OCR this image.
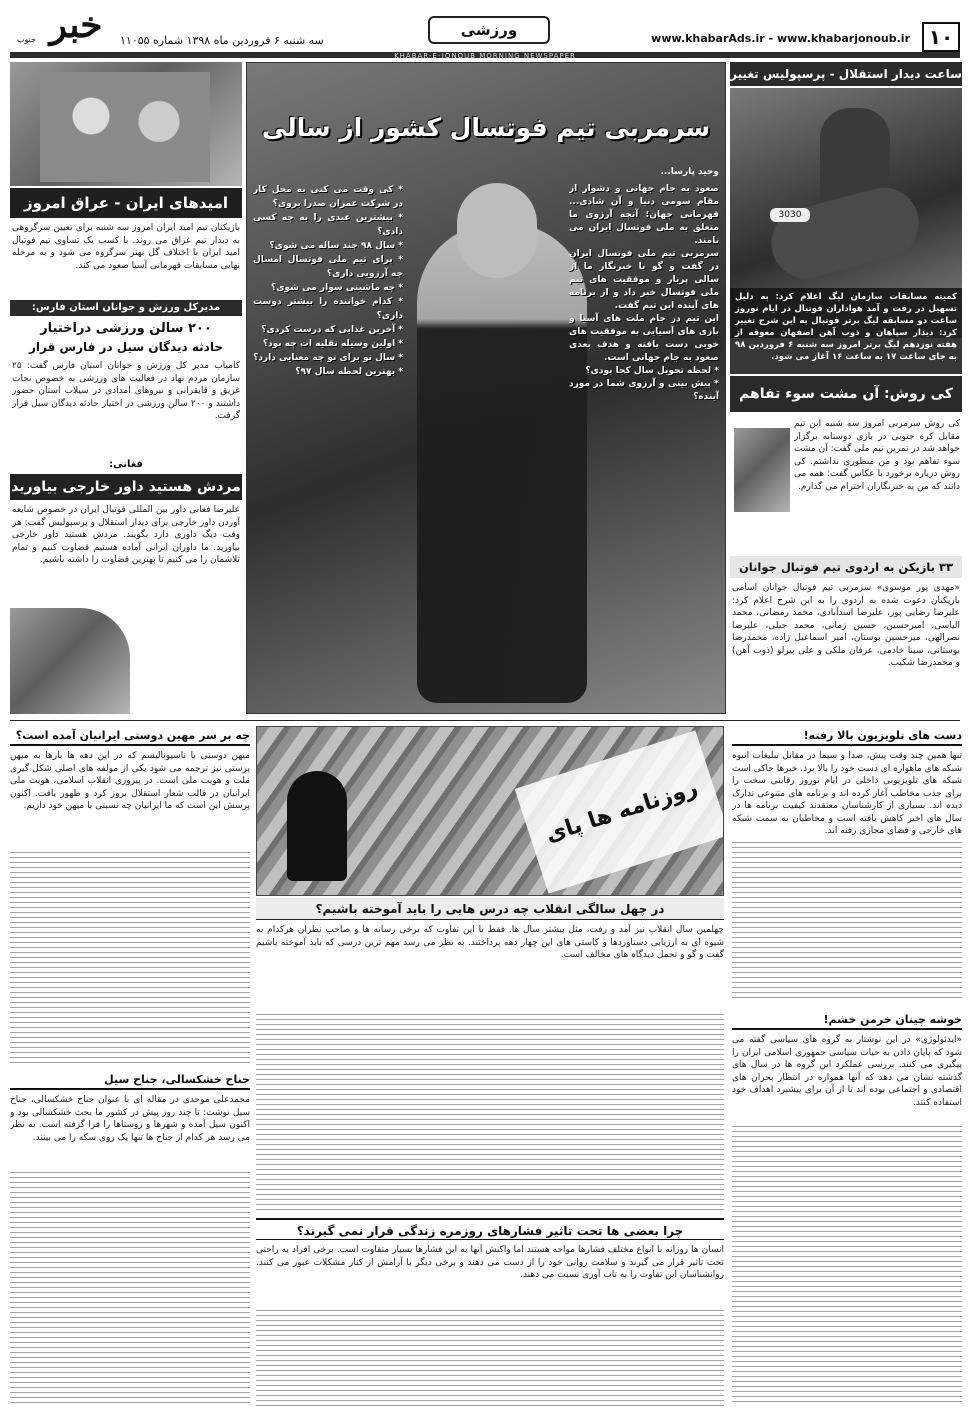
۱۰
www.khabarAds.ir - www.khabarjonoub.ir
ورزشی
سه شنبه ۶ فروردین ماه ۱۳۹۸ شماره ۱۱۰۵۵
خبر
جنوب
KHABAR-E-JONOUB MORNING NEWSPAPER
ساعت دیدار استقلال - پرسپولیس تغییر
3030
کمیته مسابقات سازمان لیگ اعلام کرد: به دلیل تسهیل در رفت و آمد هواداران فوتبال در ایام نوروز ساعت دو مسابقه لیگ برتر فوتبال به این شرح تغییر کرد: دیدار سپاهان و ذوب آهن اصفهان معوقه از هفته نوزدهم لیگ برتر امروز سه شنبه ۶ فروردین ۹۸ به جای ساعت ۱۷ به ساعت ۱۶ آغاز می شود.
کی روش: آن مشت سوء تفاهم
کی روش سرمربی امروز سه شنبه این تیم مقابل کره جنوبی در بازی دوستانه برگزار خواهد شد در تمرین تیم ملی گفت: آن مشت سوء تفاهم بود و من منظوری نداشتم. کی روش درباره برخورد با عکاس گفت: همه می دانند که من به خبرنگاران احترام می گذارم.
۳۳ بازیکن به اردوی تیم فوتبال جوانان
«مهدی پور موسوی» سرمربی تیم فوتبال جوانان اسامی بازیکنان دعوت شده به اردوی را به این شرح اعلام کرد: علیرضا رضایی پور، علیرضا اسدآبادی، محمد رمضانی، محمد الیاسی، امیرحسین، حسین زمانی، محمد جبلی، علیرضا نصرالهی، میرحسین بوستان، امیر اسماعیل زاده، محمدرضا بوستانی، سینا خادمی، عرفان ملکی و علی پیرلو (ذوب آهن) و محمدرضا شکیب.
سرمربی تیم فوتسال کشور از سالی
وحید پارسا...
صعود به جام جهانی و دشوار از مقام سومی دنیا و آن شادی... قهرمانی جهان؛ آنچه آرزوی ما متعلق به ملی فوتسال ایران می نامند.
سرمربی تیم ملی فوتسال ایران در گفت و گو با خبرنگار ما از سالی پربار و موفقیت های تیم ملی فوتسال خبر داد و از برنامه های آینده این تیم گفت.
این تیم در جام ملت های آسیا و بازی های آسیایی به موفقیت های خوبی دست یافته و هدف بعدی صعود به جام جهانی است.
* لحظه تحویل سال کجا بودی؟
* پیش بینی و آرزوی شما در مورد آینده؟
* کی وقت می کنی به محل کار در شرکت عمران صدرا بروی؟
* بیشترین عیدی را به چه کسی دادی؟
* سال ۹۸ چند ساله می شوی؟
* برای تیم ملی فوتسال امسال چه آرزویی داری؟
* چه ماشینی سوار می شوی؟
* کدام خواننده را بیشتر دوست داری؟
* آخرین غذایی که درست کردی؟
* اولین وسیله نقلیه ات چه بود؟
* سال نو برای تو چه معنایی دارد؟
* بهترین لحظه سال ۹۷؟
امیدهای ایران - عراق امروز
بازیکنان تیم امید ایران امروز سه شنبه برای تعیین سرگروهی به دیدار تیم عراق می روند. با کسب یک تساوی تیم فوتبال امید ایران با اختلاف گل بهتر سرگروه می شود و به مرحله نهایی مسابقات قهرمانی آسیا صعود می کند.
مدیرکل ورزش و جوانان استان فارس:
۲۰۰ سالن ورزشی دراختیار
حادثه دیدگان سیل در فارس قرار
کامیاب مدیر کل ورزش و جوانان استان فارس گفت: ۲۵ سازمان مردم نهاد در فعالیت های ورزشی به خصوص نجات غریق و قایقرانی و نیروهای امدادی در سیلاب استان حضور داشتند و ۲۰۰ سالن ورزشی در اختیار حادثه دیدگان سیل قرار گرفت.
فغانی:
مردش هستید داور خارجی بیاورید
علیرضا فغانی داور بین المللی فوتبال ایران در خصوص شایعه آوردن داور خارجی برای دیدار استقلال و پرسپولیس گفت: هر وقت دیگ داوری دارد بگویند. مردش هستید داور خارجی بیاورید. ما داوران ایرانی آماده هستیم قضاوت کنیم و تمام تلاشمان را می کنیم تا بهترین قضاوت را داشته باشیم.
دست های تلویزیون بالا رفته!
تنها همین چند وقت پیش، صدا و سیما در مقابل تبلیغات انبوه شبکه های ماهواره ای دست خود را بالا برد. خبرها حاکی است شبکه های تلویزیونی داخلی در ایام نوروز رقابتی سخت را برای جذب مخاطب آغاز کرده اند و برنامه های متنوعی تدارک دیده اند. بسیاری از کارشناسان معتقدند کیفیت برنامه ها در سال های اخیر کاهش یافته است و مخاطبان به سمت شبکه های خارجی و فضای مجازی رفته اند.
خوشه چینان خرمن خشم!
«ایدئولوژی» در این نوشتار به گروه های سیاسی گفته می شود که پایان دادن به حیات سیاسی جمهوری اسلامی ایران را پیگیری می کنند. بررسی عملکرد این گروه ها در سال های گذشته نشان می دهد که آنها همواره در انتظار بحران های اقتصادی و اجتماعی بوده اند تا از آن برای پیشبرد اهداف خود استفاده کنند.
روزنامه ها پای
در چهل سالگی انقلاب چه درس هایی را باید آموخته باشیم؟
چهلمین سال انقلاب نیز آمد و رفت، مثل بیشتر سال ها. فقط با این تفاوت که برخی رسانه ها و صاحب نظران هرکدام به شیوه ای به ارزیابی دستاوردها و کاستی های این چهار دهه پرداختند. به نظر می رسد مهم ترین درسی که باید آموخته باشیم گفت و گو و تحمل دیدگاه های مخالف است.
چرا بعضی ها تحت تاثیر فشارهای روزمره زندگی قرار نمی گیرند؟
انسان ها روزانه با انواع مختلف فشارها مواجه هستند اما واکنش آنها به این فشارها بسیار متفاوت است. برخی افراد به راحتی تحت تاثیر قرار می گیرند و سلامت روانی خود را از دست می دهند و برخی دیگر با آرامش از کنار مشکلات عبور می کنند. روانشناسان این تفاوت را به تاب آوری نسبت می دهند.
چه بر سر مهین دوستی ایرانیان آمده است؟
میهن دوستی با ناسیونالیسم که در این دهه ها بارها به میهن پرستی نیز ترجمه می شود یکی از مولفه های اصلی شکل گیری ملت و هویت ملی است. در پیروزی انقلاب اسلامی، هویت ملی ایرانیان در قالب شعار استقلال بروز کرد و ظهور یافت. اکنون پرسش این است که ما ایرانیان چه نسبتی با میهن خود داریم.
جناح خشکسالی، جناح سیل
محمدعلی موحدی در مقاله ای با عنوان جناح خشکسالی، جناح سیل نوشت: تا چند روز پیش در کشور ما بحث خشکسالی بود و اکنون سیل آمده و شهرها و روستاها را فرا گرفته است. به نظر می رسد هر کدام از جناح ها تنها یک روی سکه را می بینند.
